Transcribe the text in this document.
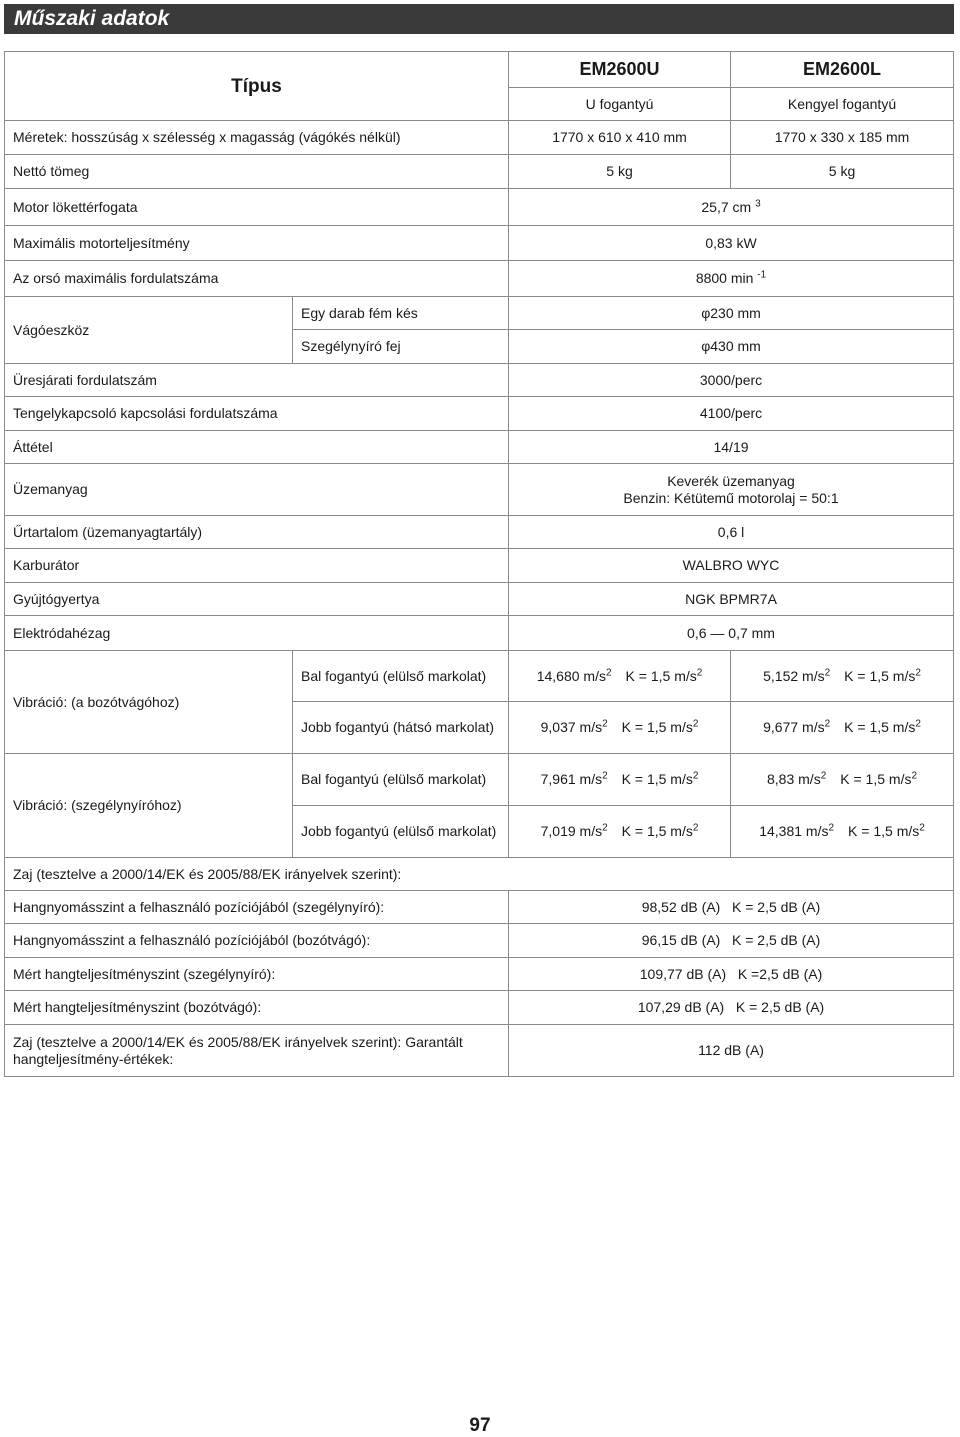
Műszaki adatok
Típus		EM2600U	EM2600L
		U fogantyú	Kengyel fogantyú
Méretek: hosszúság x szélesség x magasság (vágókés nélkül)		1770 x 610 x 410 mm	1770 x 330 x 185 mm
Nettó tömeg		5 kg	5 kg
Motor lökettérfogata		25,7 cm $^3$
Maximális motorteljesítmény		0,83 kW	
Az orsó maximális fordulatszáma		8800 min $^{-1}$
Vágóeszköz	Egy darab fém kés	φ230 mm	
	Szegélynyíró fej	φ430 mm	
Üresjárati fordulatszám		3000/perc	
Tengelykapcsoló kapcsolási fordulatszáma		4100/perc	
Áttétel		14/19	
Üzemanyag		Keverék üzemanyag
Benzin: Kétütemű motorolaj = 50:1	

Űrtartalom (üzemanyagtartály)		0,6 l	
Karburátor		WALBRO WYC	
Gyújtógyertya		NGK BPMR7A	
Elektródahézag		0,6 — 0,7 mm	
Vibráció: (a bozótvágóhoz)	Bal fogantyú (elülső markolat)	14,680 $m/s^2$ K = 1,5 $m/s^2$	5,152 $m/s^2$ K = 1,5 $m/s^2$
	Jobb fogantyú (hátsó markolat)	9,037 $m/s^2$ K = 1,5 $m/s^2$	9,677 $m/s^2$ K = 1,5 $m/s^2$
Vibráció: (szegélynyíróhoz)	Bal fogantyú (elülső markolat)	7,961 $m/s^2$ K = 1,5 $m/s^2$	8,83 $m/s^2$ K = 1,5 $m/s^2$
	Jobb fogantyú (elülső markolat)	7,019 $m/s^2$ K = 1,5 $m/s^2$	14,381 $m/s^2$ K = 1,5 $m/s^2$
Zaj (tesztelve a 2000/14/EK és 2005/88/EK irányelvek szerint):			
Hangnyomásszint a felhasználó pozíciójából (szegélynyíró):		98,52 dB (A)   K = 2,5 dB (A)	
Hangnyomásszint a felhasználó pozíciójából (bozótvágó):		96,15 dB (A)   K = 2,5 dB (A)	
Mért hangteljesítményszint (szegélynyíró):		109,77 dB (A)   K =2,5 dB (A)	
Mért hangteljesítményszint (bozótvágó):		107,29 dB (A)   K = 2,5 dB (A)	
Zaj (tesztelve a 2000/14/EK és 2005/88/EK irányelvek szerint): Garantált hangteljesítmény-értékek:		112 dB (A)	
97
